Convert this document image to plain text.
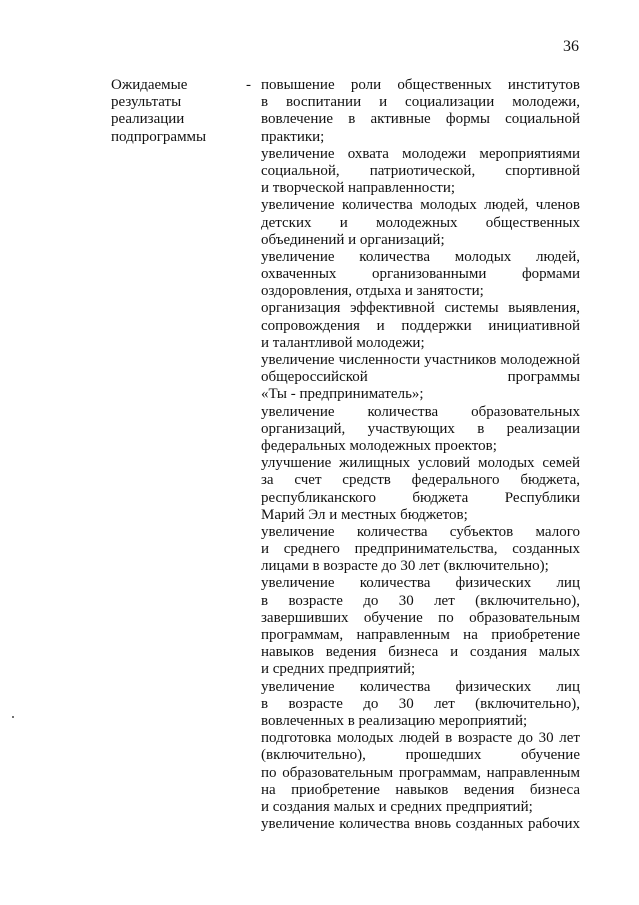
36
Ожидаемые
результаты
реализации
подпрограммы
- повышение роли общественных институтов
в воспитании и социализации молодежи,
вовлечение в активные формы социальной
практики;
увеличение охвата молодежи мероприятиями
социальной, патриотической, спортивной
и творческой направленности;
увеличение количества молодых людей, членов
детских и молодежных общественных
объединений и организаций;
увеличение количества молодых людей,
охваченных организованными формами
оздоровления, отдыха и занятости;
организация эффективной системы выявления,
сопровождения и поддержки инициативной
и талантливой молодежи;
увеличение численности участников молодежной
общероссийской программы
«Ты - предприниматель»;
увеличение количества образовательных
организаций, участвующих в реализации
федеральных молодежных проектов;
улучшение жилищных условий молодых семей
за счет средств федерального бюджета,
республиканского бюджета Республики
Марий Эл и местных бюджетов;
увеличение количества субъектов малого
и среднего предпринимательства, созданных
лицами в возрасте до 30 лет (включительно);
увеличение количества физических лиц
в возрасте до 30 лет (включительно),
завершивших обучение по образовательным
программам, направленным на приобретение
навыков ведения бизнеса и создания малых
и средних предприятий;
увеличение количества физических лиц
в возрасте до 30 лет (включительно),
вовлеченных в реализацию мероприятий;
подготовка молодых людей в возрасте до 30 лет
(включительно), прошедших обучение
по образовательным программам, направленным
на приобретение навыков ведения бизнеса
и создания малых и средних предприятий;
увеличение количества вновь созданных рабочих
